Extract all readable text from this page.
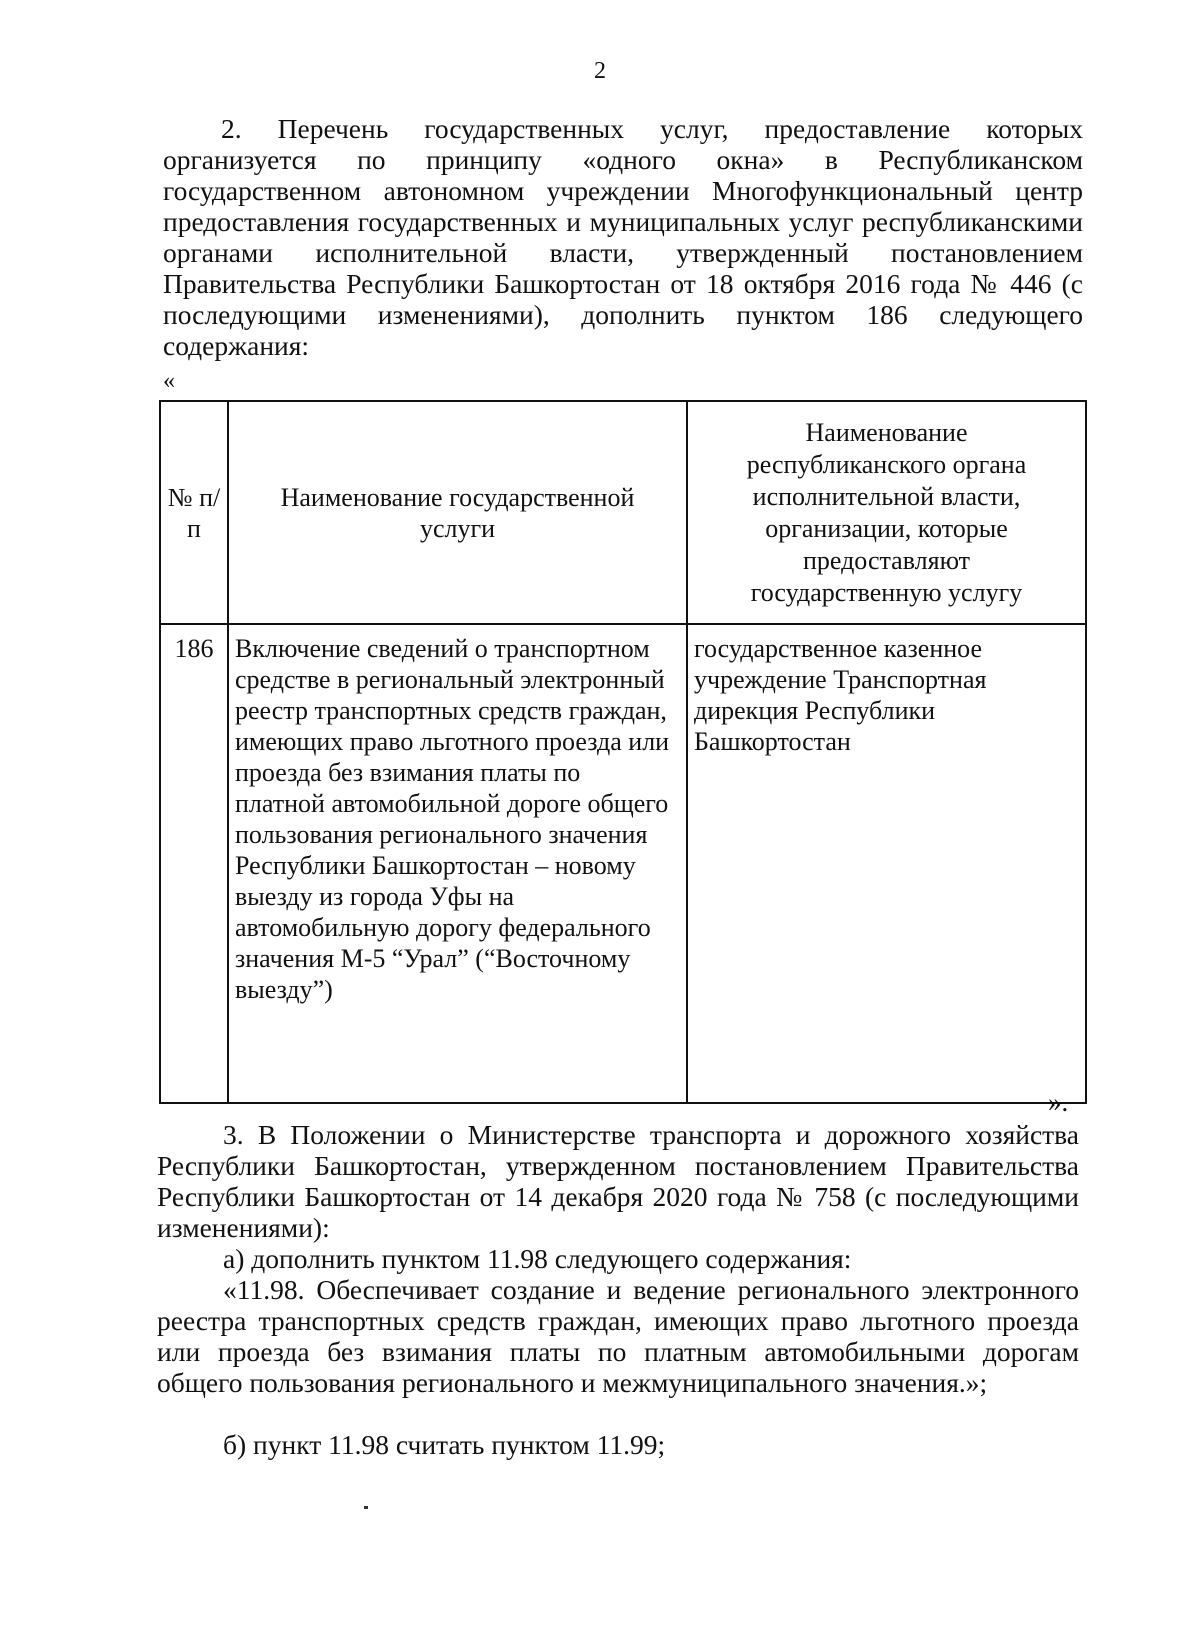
2

2. Перечень государственных услуг, предоставление которых организуется по принципу «одного окна» в Республиканском государственном автономном учреждении Многофункциональный центр предоставления государственных и муниципальных услуг республиканскими органами исполнительной власти, утвержденный постановлением Правительства Республики Башкортостан от 18 октября 2016 года № 446 (с последующими изменениями), дополнить пунктом 186 следующего содержания:

«
№ п/п	Наименование государственной услуги	Наименование республиканского органа исполнительной власти, организации, которые предоставляют государственную услугу
186	Включение сведений о транспортном средстве в региональный электронный реестр транспортных средств граждан, имеющих право льготного проезда или проезда без взимания платы по платной автомобильной дороге общего пользования регионального значения Республики Башкортостан – новому выезду из города Уфы на автомобильную дорогу федерального значения М-5 “Урал” (“Восточному выезду”)	государственное казенное учреждение Транспортная дирекция Республики Башкортостан
».

3. В Положении о Министерстве транспорта и дорожного хозяйства Республики Башкортостан, утвержденном постановлением Правительства Республики Башкортостан от 14 декабря 2020 года № 758 (с последующими изменениями):

а) дополнить пунктом 11.98 следующего содержания:

«11.98. Обеспечивает создание и ведение регионального электронного реестра транспортных средств граждан, имеющих право льготного проезда или проезда без взимания платы по платным автомобильными дорогам общего пользования регионального и межмуниципального значения.»;

б) пункт 11.98 считать пунктом 11.99;
